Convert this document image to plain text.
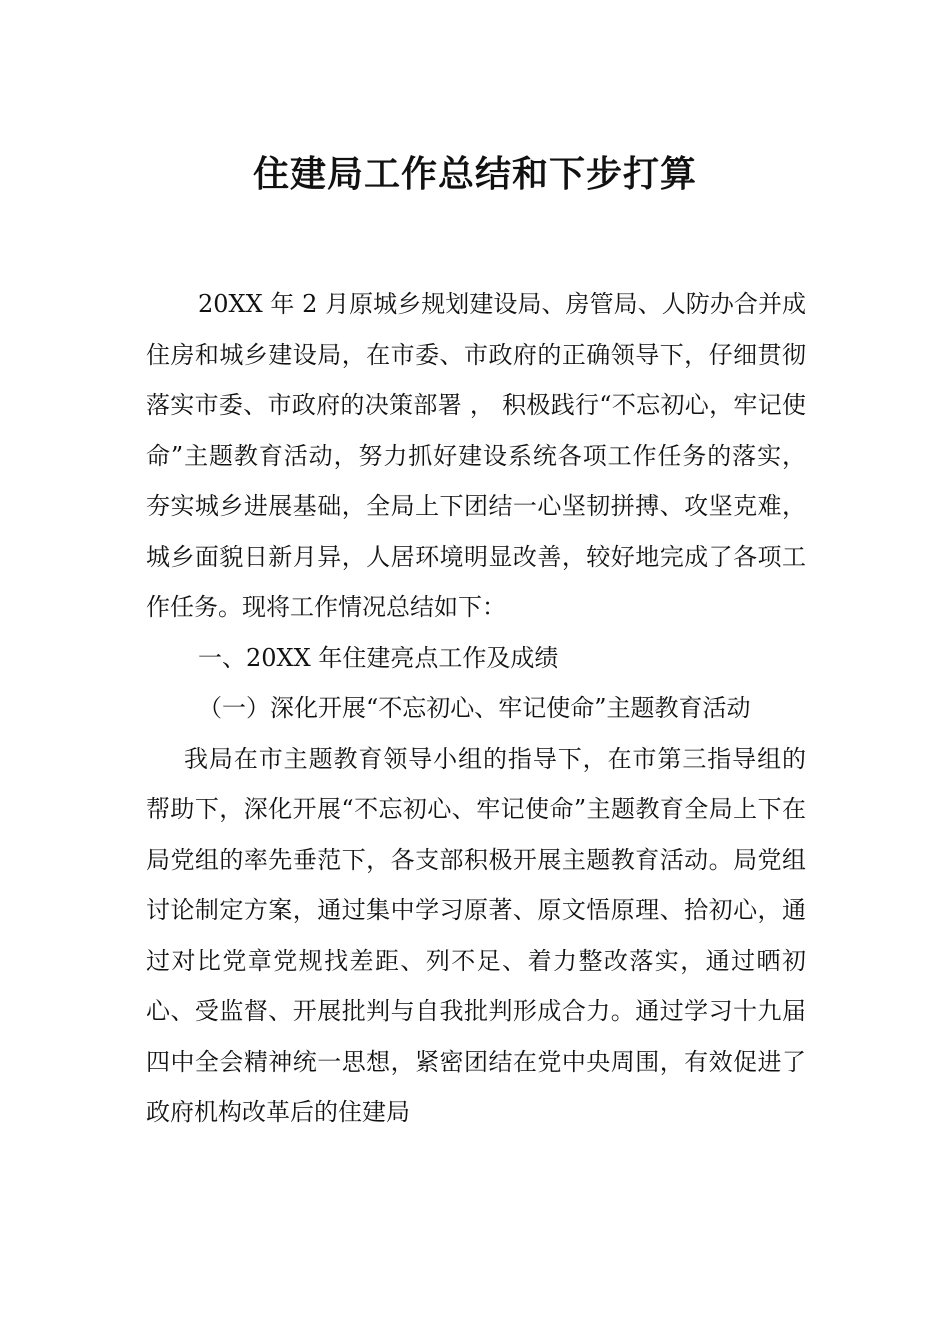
住建局工作总结和下步打算

20XX 年 2 月原城乡规划建设局、房管局、人防办合并成住房和城乡建设局，在市委、市政府的正确领导下，仔细贯彻落实市委、市政府的决策部署 ， 积极践行“不忘初心，牢记使命”主题教育活动，努力抓好建设系统各项工作任务的落实，夯实城乡进展基础，全局上下团结一心坚韧拼搏、攻坚克难，城乡面貌日新月异，人居环境明显改善，较好地完成了各项工作任务。现将工作情况总结如下：

一、20XX 年住建亮点工作及成绩

（一）深化开展“不忘初心、牢记使命”主题教育活动

我局在市主题教育领导小组的指导下，在市第三指导组的帮助下，深化开展“不忘初心、牢记使命”主题教育全局上下在局党组的率先垂范下，各支部积极开展主题教育活动。局党组讨论制定方案，通过集中学习原著、原文悟原理、拾初心，通过对比党章党规找差距、列不足、着力整改落实，通过晒初心、受监督、开展批判与自我批判形成合力。通过学习十九届四中全会精神统一思想，紧密团结在党中央周围，有效促进了政府机构改革后的住建局
